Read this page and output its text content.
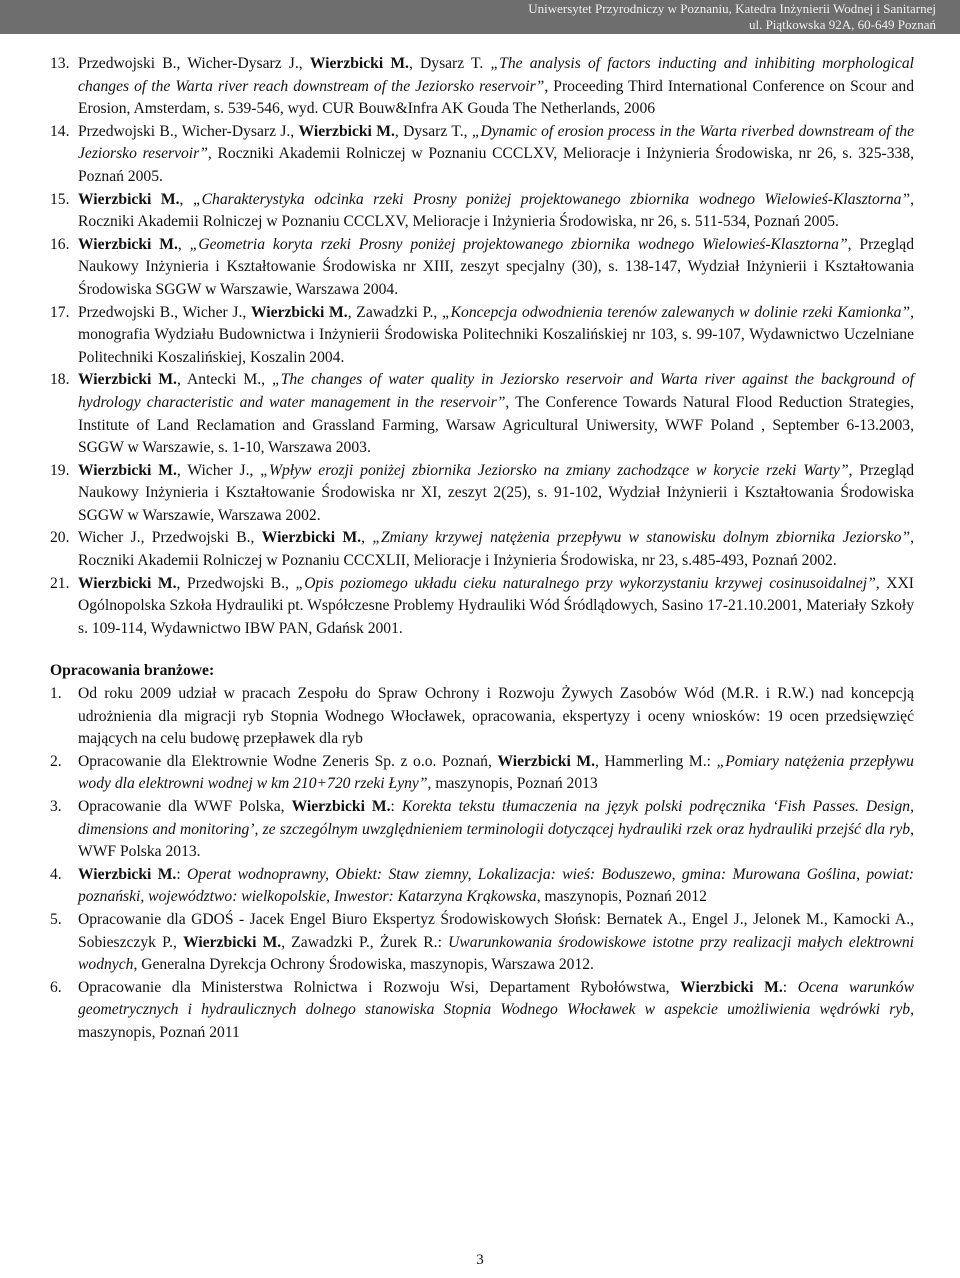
Uniwersytet Przyrodniczy w Poznaniu, Katedra Inżynierii Wodnej i Sanitarnej
ul. Piątkowska 92A, 60-649 Poznań

13. Przedwojski B., Wicher-Dysarz J., Wierzbicki M., Dysarz T. „The analysis of factors inducting and inhibiting morphological changes of the Warta river reach downstream of the Jeziorsko reservoir”, Proceeding Third International Conference on Scour and Erosion, Amsterdam, s. 539-546, wyd. CUR Bouw&Infra AK Gouda The Netherlands, 2006

14. Przedwojski B., Wicher-Dysarz J., Wierzbicki M., Dysarz T., „Dynamic of erosion process in the Warta riverbed downstream of the Jeziorsko reservoir”, Roczniki Akademii Rolniczej w Poznaniu CCCLXV, Melioracje i Inżynieria Środowiska, nr 26, s. 325-338, Poznań 2005.

15. Wierzbicki M., „Charakterystyka odcinka rzeki Prosny poniżej projektowanego zbiornika wodnego Wielowieś-Klasztorna”, Roczniki Akademii Rolniczej w Poznaniu CCCLXV, Melioracje i Inżynieria Środowiska, nr 26, s. 511-534, Poznań 2005.

16. Wierzbicki M., „Geometria koryta rzeki Prosny poniżej projektowanego zbiornika wodnego Wielowieś-Klasztorna”, Przegląd Naukowy Inżynieria i Kształtowanie Środowiska nr XIII, zeszyt specjalny (30), s. 138-147, Wydział Inżynierii i Kształtowania Środowiska SGGW w Warszawie, Warszawa 2004.

17. Przedwojski B., Wicher J., Wierzbicki M., Zawadzki P., „Koncepcja odwodnienia terenów zalewanych w dolinie rzeki Kamionka”, monografia Wydziału Budownictwa i Inżynierii Środowiska Politechniki Koszalińskiej nr 103, s. 99-107, Wydawnictwo Uczelniane Politechniki Koszalińskiej, Koszalin 2004.

18. Wierzbicki M., Antecki M., „The changes of water quality in Jeziorsko reservoir and Warta river against the background of hydrology characteristic and water management in the reservoir”, The Conference Towards Natural Flood Reduction Strategies, Institute of Land Reclamation and Grassland Farming, Warsaw Agricultural Uniwersity, WWF Poland , September 6-13.2003, SGGW w Warszawie, s. 1-10, Warszawa 2003.

19. Wierzbicki M., Wicher J., „Wpływ erozji poniżej zbiornika Jeziorsko na zmiany zachodzące w korycie rzeki Warty”, Przegląd Naukowy Inżynieria i Kształtowanie Środowiska nr XI, zeszyt 2(25), s. 91-102, Wydział Inżynierii i Kształtowania Środowiska SGGW w Warszawie, Warszawa 2002.

20. Wicher J., Przedwojski B., Wierzbicki M., „Zmiany krzywej natężenia przepływu w stanowisku dolnym zbiornika Jeziorsko”, Roczniki Akademii Rolniczej w Poznaniu CCCXLII, Melioracje i Inżynieria Środowiska, nr 23, s.485-493, Poznań 2002.

21. Wierzbicki M., Przedwojski B., „Opis poziomego układu cieku naturalnego przy wykorzystaniu krzywej cosinusoidalnej”, XXI Ogólnopolska Szkoła Hydrauliki pt. Współczesne Problemy Hydrauliki Wód Śródlądowych, Sasino 17-21.10.2001, Materiały Szkoły s. 109-114, Wydawnictwo IBW PAN, Gdańsk 2001.

Opracowania branżowe:

1. Od roku 2009 udział w pracach Zespołu do Spraw Ochrony i Rozwoju Żywych Zasobów Wód (M.R. i R.W.) nad koncepcją udrożnienia dla migracji ryb Stopnia Wodnego Włocławek, opracowania, ekspertyzy i oceny wniosków: 19 ocen przedsięwzięć mających na celu budowę przepławek dla ryb

2. Opracowanie dla Elektrownie Wodne Zeneris Sp. z o.o. Poznań, Wierzbicki M., Hammerling M.: „Pomiary natężenia przepływu wody dla elektrowni wodnej w km 210+720 rzeki Łyny”, maszynopis, Poznań 2013

3. Opracowanie dla WWF Polska, Wierzbicki M.: Korekta tekstu tłumaczenia na język polski podręcznika ‘Fish Passes. Design, dimensions and monitoring’, ze szczególnym uwzględnieniem terminologii dotyczącej hydrauliki rzek oraz hydrauliki przejść dla ryb, WWF Polska 2013.

4. Wierzbicki M.: Operat wodnoprawny, Obiekt: Staw ziemny, Lokalizacja: wieś: Boduszewo, gmina: Murowana Goślina, powiat: poznański, województwo: wielkopolskie, Inwestor: Katarzyna Krąkowska, maszynopis, Poznań 2012

5. Opracowanie dla GDOŚ - Jacek Engel Biuro Ekspertyz Środowiskowych Słońsk: Bernatek A., Engel J., Jelonek M., Kamocki A., Sobieszczyk P., Wierzbicki M., Zawadzki P., Żurek R.: Uwarunkowania środowiskowe istotne przy realizacji małych elektrowni wodnych, Generalna Dyrekcja Ochrony Środowiska, maszynopis, Warszawa 2012.

6. Opracowanie dla Ministerstwa Rolnictwa i Rozwoju Wsi, Departament Rybołówstwa, Wierzbicki M.: Ocena warunków geometrycznych i hydraulicznych dolnego stanowiska Stopnia Wodnego Włocławek w aspekcie umożliwienia wędrówki ryb, maszynopis, Poznań 2011

3
